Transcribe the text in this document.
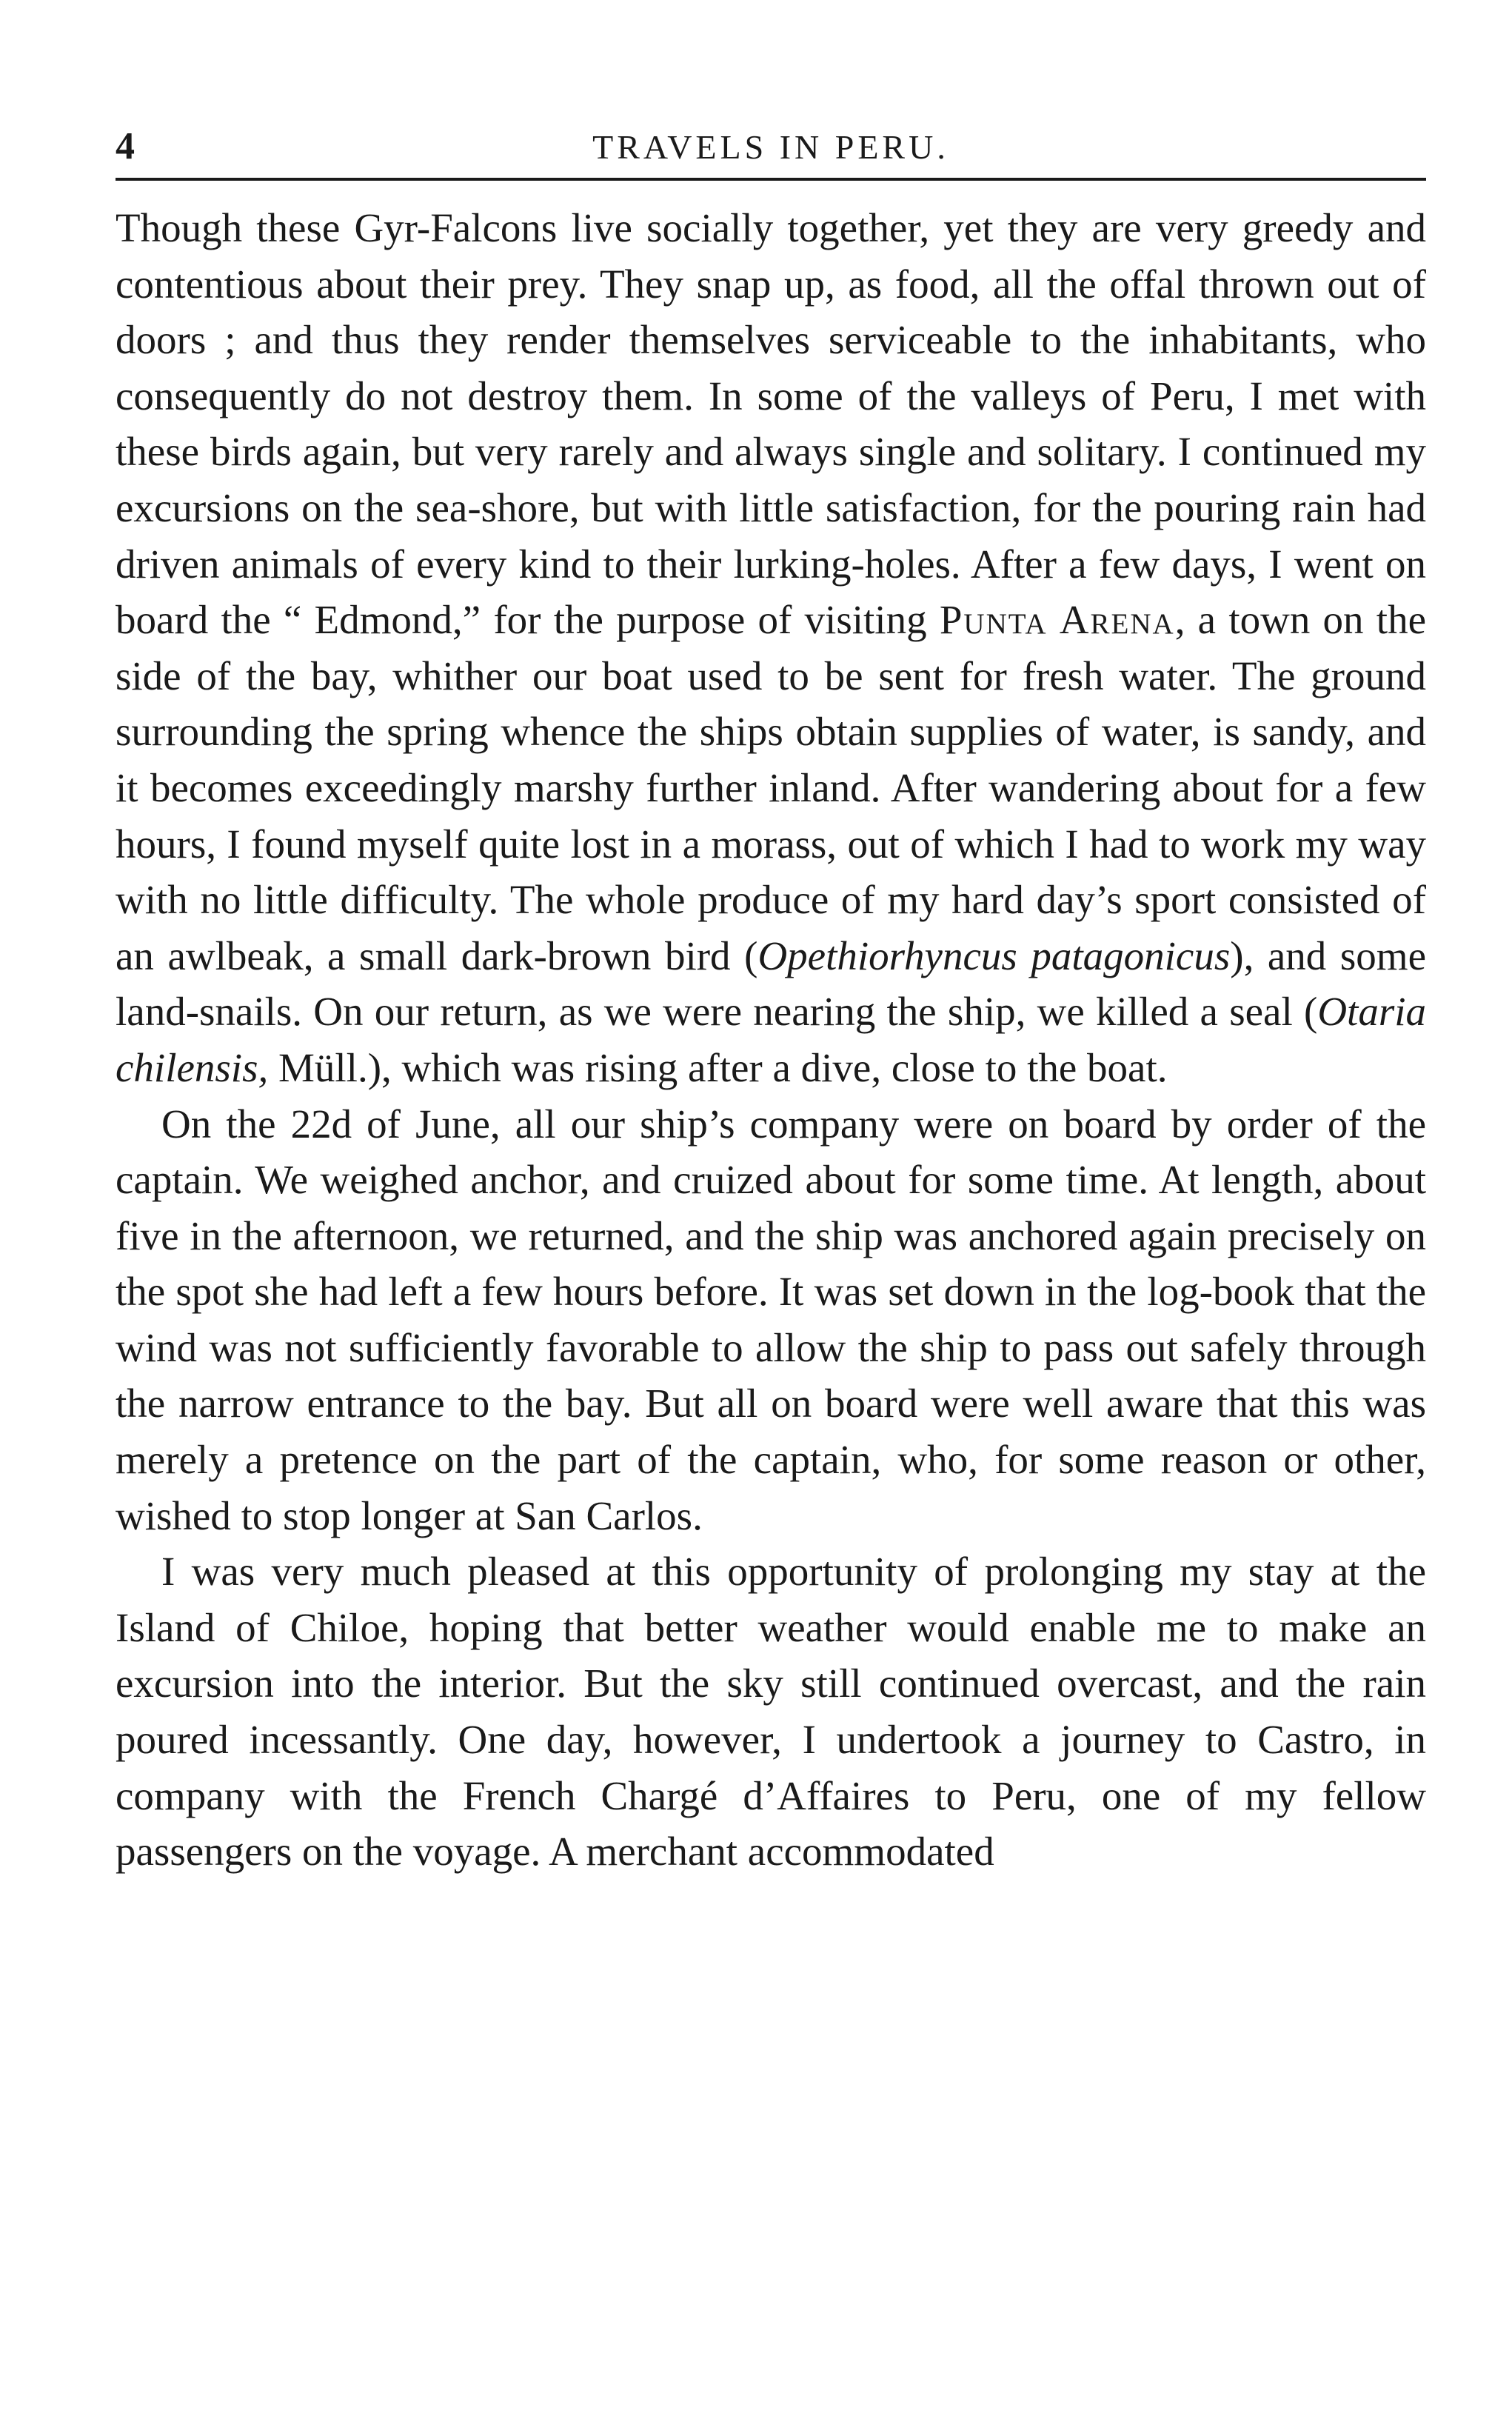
4	TRAVELS IN PERU.

Though these Gyr-Falcons live socially together, yet they are very greedy and contentious about their prey. They snap up, as food, all the offal thrown out of doors ; and thus they render themselves serviceable to the inhabitants, who consequently do not destroy them. In some of the valleys of Peru, I met with these birds again, but very rarely and always single and solitary. I continued my excursions on the sea-shore, but with little satisfaction, for the pouring rain had driven animals of every kind to their lurking-holes. After a few days, I went on board the “ Edmond,” for the purpose of visiting Punta Arena, a town on the side of the bay, whither our boat used to be sent for fresh water. The ground surrounding the spring whence the ships obtain supplies of water, is sandy, and it becomes exceedingly marshy further inland. After wandering about for a few hours, I found myself quite lost in a morass, out of which I had to work my way with no little difficulty. The whole produce of my hard day’s sport consisted of an awlbeak, a small dark-brown bird (Opethiorhyncus patagonicus), and some land-snails. On our return, as we were nearing the ship, we killed a seal (Otaria chilensis, Müll.), which was rising after a dive, close to the boat.

On the 22d of June, all our ship’s company were on board by order of the captain. We weighed anchor, and cruized about for some time. At length, about five in the afternoon, we returned, and the ship was anchored again precisely on the spot she had left a few hours before. It was set down in the log-book that the wind was not sufficiently favorable to allow the ship to pass out safely through the narrow entrance to the bay. But all on board were well aware that this was merely a pretence on the part of the captain, who, for some reason or other, wished to stop longer at San Carlos.

I was very much pleased at this opportunity of prolonging my stay at the Island of Chiloe, hoping that better weather would enable me to make an excursion into the interior. But the sky still continued overcast, and the rain poured incessantly. One day, however, I undertook a journey to Castro, in company with the French Chargé d’Affaires to Peru, one of my fellow passengers on the voyage. A merchant accommodated
